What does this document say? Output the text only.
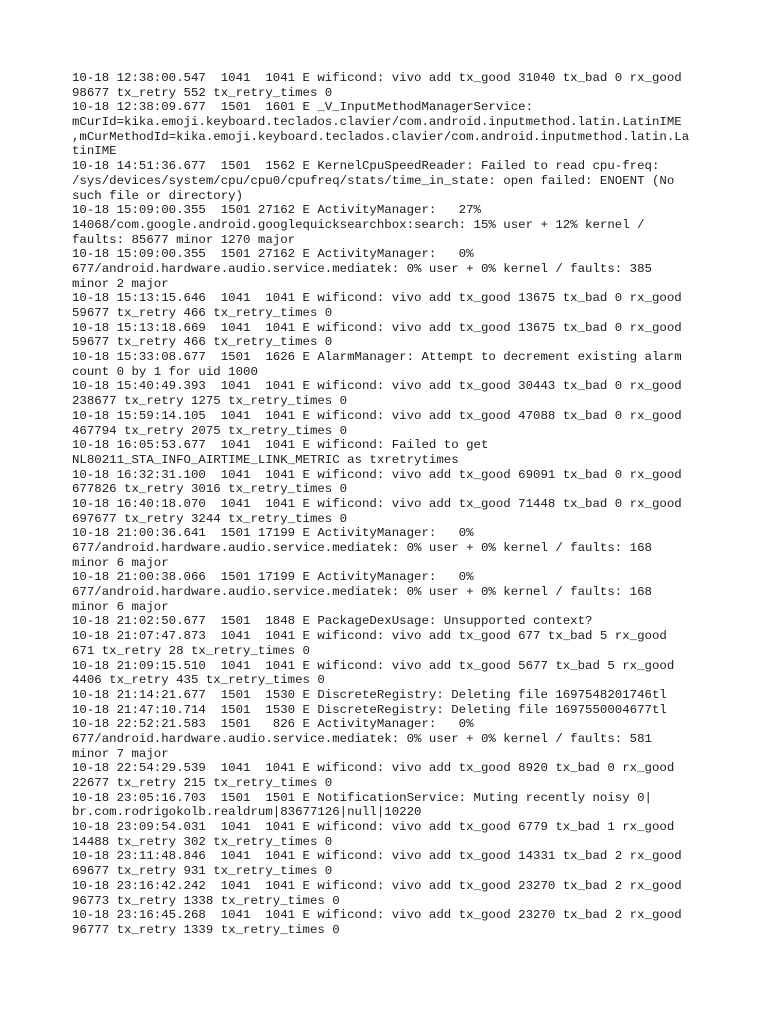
10-18 12:38:00.547  1041  1041 E wificond: vivo add tx_good 31040 tx_bad 0 rx_good
98677 tx_retry 552 tx_retry_times 0
10-18 12:38:09.677  1501  1601 E _V_InputMethodManagerService:
mCurId=kika.emoji.keyboard.teclados.clavier/com.android.inputmethod.latin.LatinIME
,mCurMethodId=kika.emoji.keyboard.teclados.clavier/com.android.inputmethod.latin.La
tinIME
10-18 14:51:36.677  1501  1562 E KernelCpuSpeedReader: Failed to read cpu-freq:
/sys/devices/system/cpu/cpu0/cpufreq/stats/time_in_state: open failed: ENOENT (No
such file or directory)
10-18 15:09:00.355  1501 27162 E ActivityManager:   27%
14068/com.google.android.googlequicksearchbox:search: 15% user + 12% kernel /
faults: 85677 minor 1270 major
10-18 15:09:00.355  1501 27162 E ActivityManager:   0%
677/android.hardware.audio.service.mediatek: 0% user + 0% kernel / faults: 385
minor 2 major
10-18 15:13:15.646  1041  1041 E wificond: vivo add tx_good 13675 tx_bad 0 rx_good
59677 tx_retry 466 tx_retry_times 0
10-18 15:13:18.669  1041  1041 E wificond: vivo add tx_good 13675 tx_bad 0 rx_good
59677 tx_retry 466 tx_retry_times 0
10-18 15:33:08.677  1501  1626 E AlarmManager: Attempt to decrement existing alarm
count 0 by 1 for uid 1000
10-18 15:40:49.393  1041  1041 E wificond: vivo add tx_good 30443 tx_bad 0 rx_good
238677 tx_retry 1275 tx_retry_times 0
10-18 15:59:14.105  1041  1041 E wificond: vivo add tx_good 47088 tx_bad 0 rx_good
467794 tx_retry 2075 tx_retry_times 0
10-18 16:05:53.677  1041  1041 E wificond: Failed to get
NL80211_STA_INFO_AIRTIME_LINK_METRIC as txretrytimes
10-18 16:32:31.100  1041  1041 E wificond: vivo add tx_good 69091 tx_bad 0 rx_good
677826 tx_retry 3016 tx_retry_times 0
10-18 16:40:18.070  1041  1041 E wificond: vivo add tx_good 71448 tx_bad 0 rx_good
697677 tx_retry 3244 tx_retry_times 0
10-18 21:00:36.641  1501 17199 E ActivityManager:   0%
677/android.hardware.audio.service.mediatek: 0% user + 0% kernel / faults: 168
minor 6 major
10-18 21:00:38.066  1501 17199 E ActivityManager:   0%
677/android.hardware.audio.service.mediatek: 0% user + 0% kernel / faults: 168
minor 6 major
10-18 21:02:50.677  1501  1848 E PackageDexUsage: Unsupported context?
10-18 21:07:47.873  1041  1041 E wificond: vivo add tx_good 677 tx_bad 5 rx_good
671 tx_retry 28 tx_retry_times 0
10-18 21:09:15.510  1041  1041 E wificond: vivo add tx_good 5677 tx_bad 5 rx_good
4406 tx_retry 435 tx_retry_times 0
10-18 21:14:21.677  1501  1530 E DiscreteRegistry: Deleting file 1697548201746tl
10-18 21:47:10.714  1501  1530 E DiscreteRegistry: Deleting file 1697550004677tl
10-18 22:52:21.583  1501   826 E ActivityManager:   0%
677/android.hardware.audio.service.mediatek: 0% user + 0% kernel / faults: 581
minor 7 major
10-18 22:54:29.539  1041  1041 E wificond: vivo add tx_good 8920 tx_bad 0 rx_good
22677 tx_retry 215 tx_retry_times 0
10-18 23:05:16.703  1501  1501 E NotificationService: Muting recently noisy 0|
br.com.rodrigokolb.realdrum|83677126|null|10220
10-18 23:09:54.031  1041  1041 E wificond: vivo add tx_good 6779 tx_bad 1 rx_good
14488 tx_retry 302 tx_retry_times 0
10-18 23:11:48.846  1041  1041 E wificond: vivo add tx_good 14331 tx_bad 2 rx_good
69677 tx_retry 931 tx_retry_times 0
10-18 23:16:42.242  1041  1041 E wificond: vivo add tx_good 23270 tx_bad 2 rx_good
96773 tx_retry 1338 tx_retry_times 0
10-18 23:16:45.268  1041  1041 E wificond: vivo add tx_good 23270 tx_bad 2 rx_good
96777 tx_retry 1339 tx_retry_times 0
